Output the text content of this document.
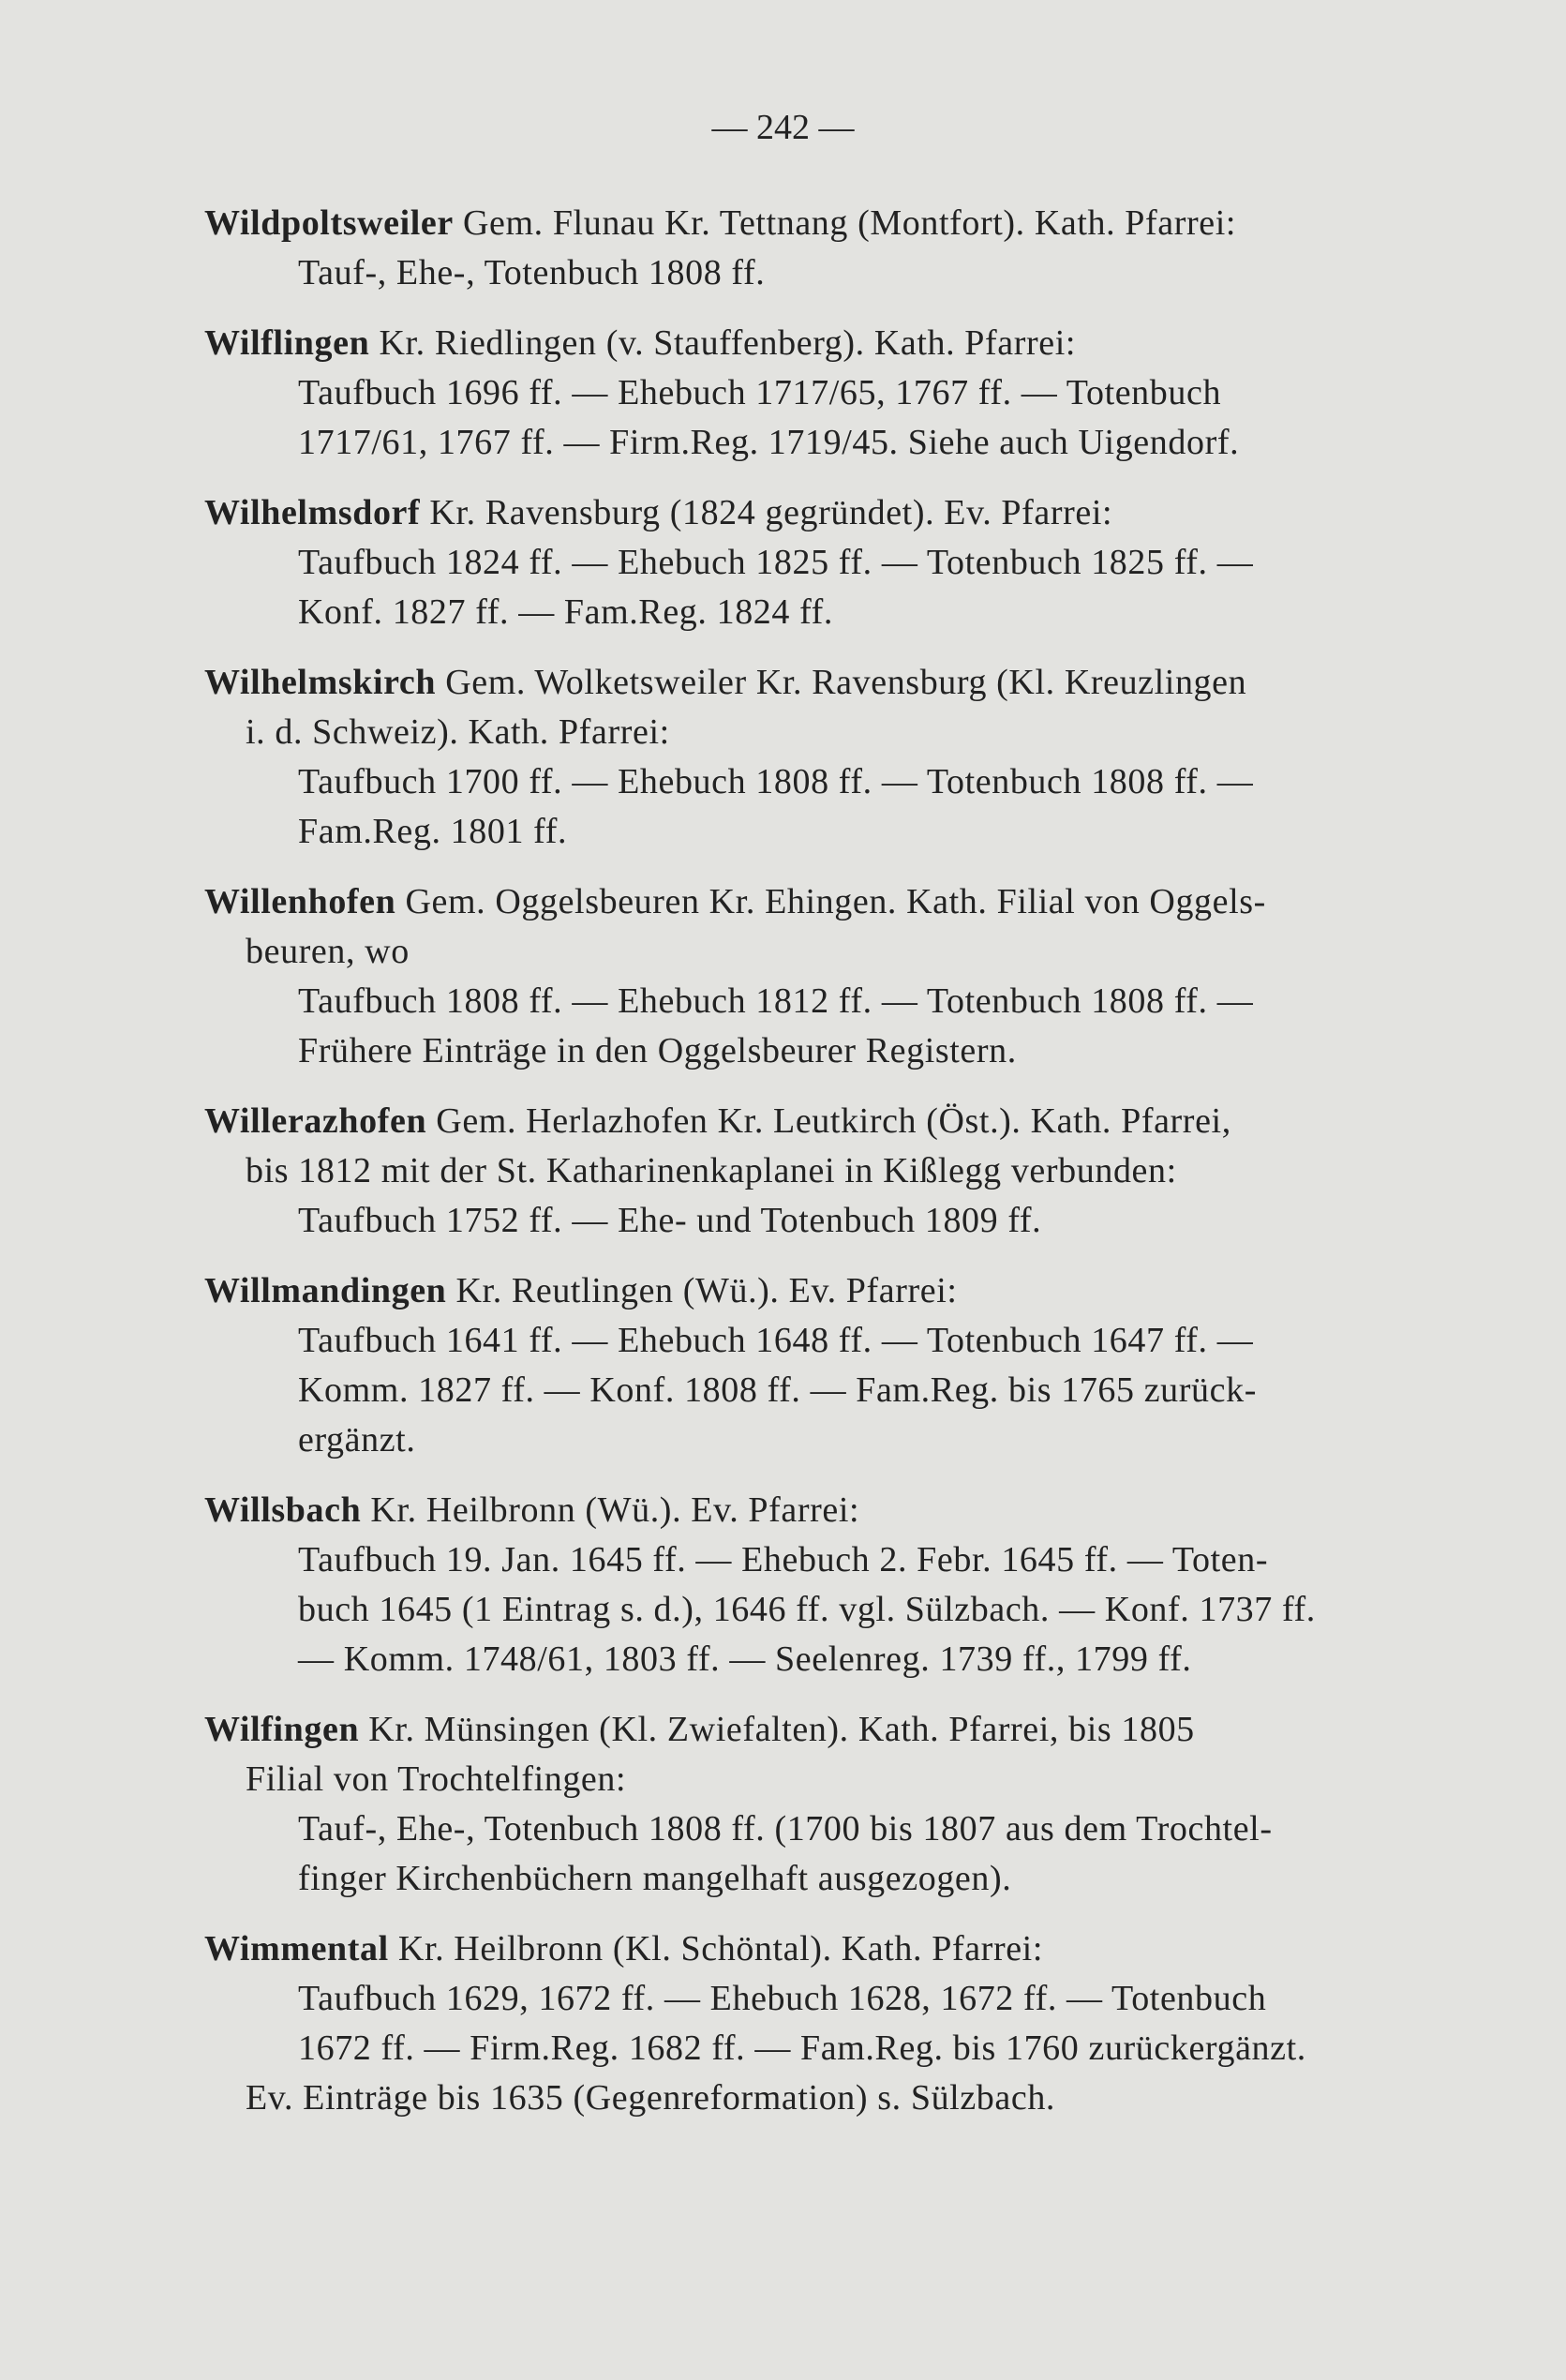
— 242 —
Wildpoltsweiler Gem. Flunau Kr. Tettnang (Montfort). Kath. Pfarrei:
Tauf-, Ehe-, Totenbuch 1808 ff.
Wilflingen Kr. Riedlingen (v. Stauffenberg). Kath. Pfarrei:
Taufbuch 1696 ff. — Ehebuch 1717/65, 1767 ff. — Totenbuch
1717/61, 1767 ff. — Firm.Reg. 1719/45. Siehe auch Uigendorf.
Wilhelmsdorf Kr. Ravensburg (1824 gegründet). Ev. Pfarrei:
Taufbuch 1824 ff. — Ehebuch 1825 ff. — Totenbuch 1825 ff. —
Konf. 1827 ff. — Fam.Reg. 1824 ff.
Wilhelmskirch Gem. Wolketsweiler Kr. Ravensburg (Kl. Kreuzlingen
i. d. Schweiz). Kath. Pfarrei:
Taufbuch 1700 ff. — Ehebuch 1808 ff. — Totenbuch 1808 ff. —
Fam.Reg. 1801 ff.
Willenhofen Gem. Oggelsbeuren Kr. Ehingen. Kath. Filial von Oggels-
beuren, wo
Taufbuch 1808 ff. — Ehebuch 1812 ff. — Totenbuch 1808 ff. —
Frühere Einträge in den Oggelsbeurer Registern.
Willerazhofen Gem. Herlazhofen Kr. Leutkirch (Öst.). Kath. Pfarrei,
bis 1812 mit der St. Katharinenkaplanei in Kißlegg verbunden:
Taufbuch 1752 ff. — Ehe- und Totenbuch 1809 ff.
Willmandingen Kr. Reutlingen (Wü.). Ev. Pfarrei:
Taufbuch 1641 ff. — Ehebuch 1648 ff. — Totenbuch 1647 ff. —
Komm. 1827 ff. — Konf. 1808 ff. — Fam.Reg. bis 1765 zurück-
ergänzt.
Willsbach Kr. Heilbronn (Wü.). Ev. Pfarrei:
Taufbuch 19. Jan. 1645 ff. — Ehebuch 2. Febr. 1645 ff. — Toten-
buch 1645 (1 Eintrag s. d.), 1646 ff. vgl. Sülzbach. — Konf. 1737 ff.
— Komm. 1748/61, 1803 ff. — Seelenreg. 1739 ff., 1799 ff.
Wilfingen Kr. Münsingen (Kl. Zwiefalten). Kath. Pfarrei, bis 1805
Filial von Trochtelfingen:
Tauf-, Ehe-, Totenbuch 1808 ff. (1700 bis 1807 aus dem Trochtel-
finger Kirchenbüchern mangelhaft ausgezogen).
Wimmental Kr. Heilbronn (Kl. Schöntal). Kath. Pfarrei:
Taufbuch 1629, 1672 ff. — Ehebuch 1628, 1672 ff. — Totenbuch
1672 ff. — Firm.Reg. 1682 ff. — Fam.Reg. bis 1760 zurückergänzt.
Ev. Einträge bis 1635 (Gegenreformation) s. Sülzbach.
